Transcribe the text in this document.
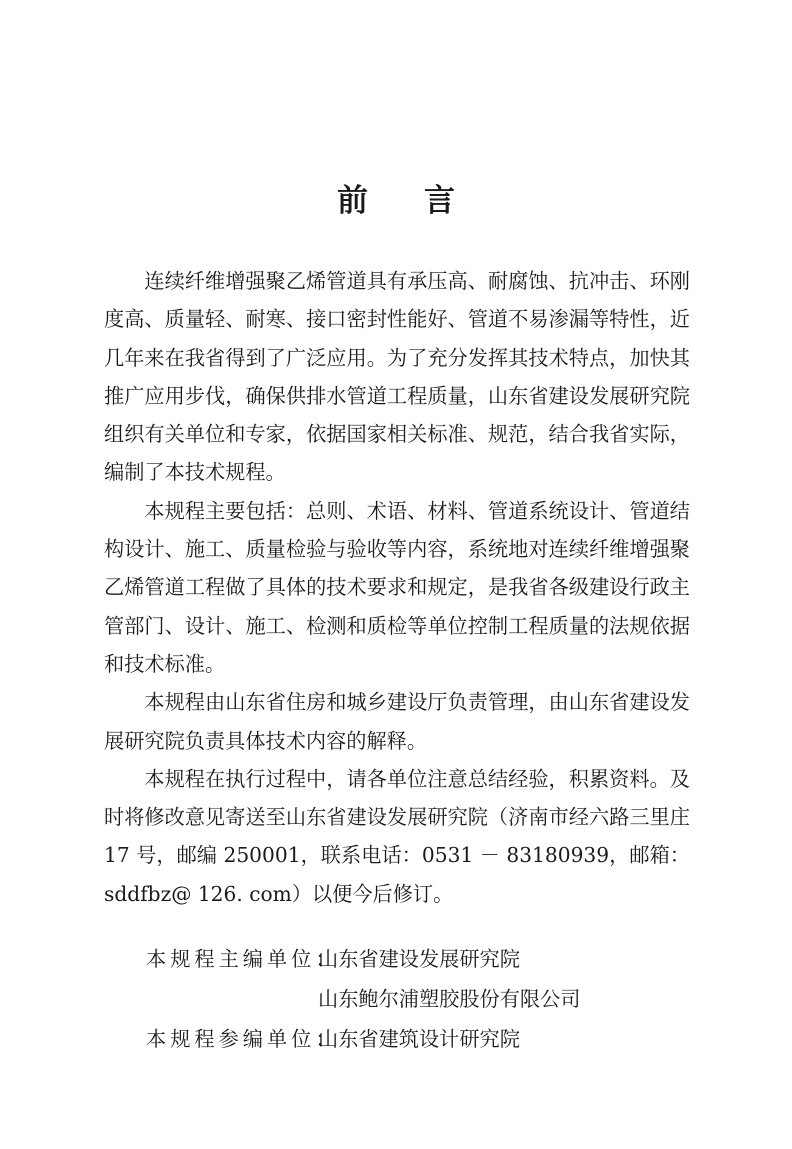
前 言

连续纤维增强聚乙烯管道具有承压高、耐腐蚀、抗冲击、环刚度高、质量轻、耐寒、接口密封性能好、管道不易渗漏等特性，近几年来在我省得到了广泛应用。为了充分发挥其技术特点，加快其推广应用步伐，确保供排水管道工程质量，山东省建设发展研究院组织有关单位和专家，依据国家相关标准、规范，结合我省实际，编制了本技术规程。

本规程主要包括：总则、术语、材料、管道系统设计、管道结构设计、施工、质量检验与验收等内容，系统地对连续纤维增强聚乙烯管道工程做了具体的技术要求和规定，是我省各级建设行政主管部门、设计、施工、检测和质检等单位控制工程质量的法规依据和技术标准。

本规程由山东省住房和城乡建设厅负责管理，由山东省建设发展研究院负责具体技术内容的解释。

本规程在执行过程中，请各单位注意总结经验，积累资料。及时将修改意见寄送至山东省建设发展研究院（济南市经六路三里庄17 号，邮编 250001，联系电话：0531 － 83180939，邮箱：sddfbz@ 126. com）以便今后修订。

本规程主编单位：山东省建设发展研究院
山东鲍尔浦塑胶股份有限公司
本规程参编单位：山东省建筑设计研究院
